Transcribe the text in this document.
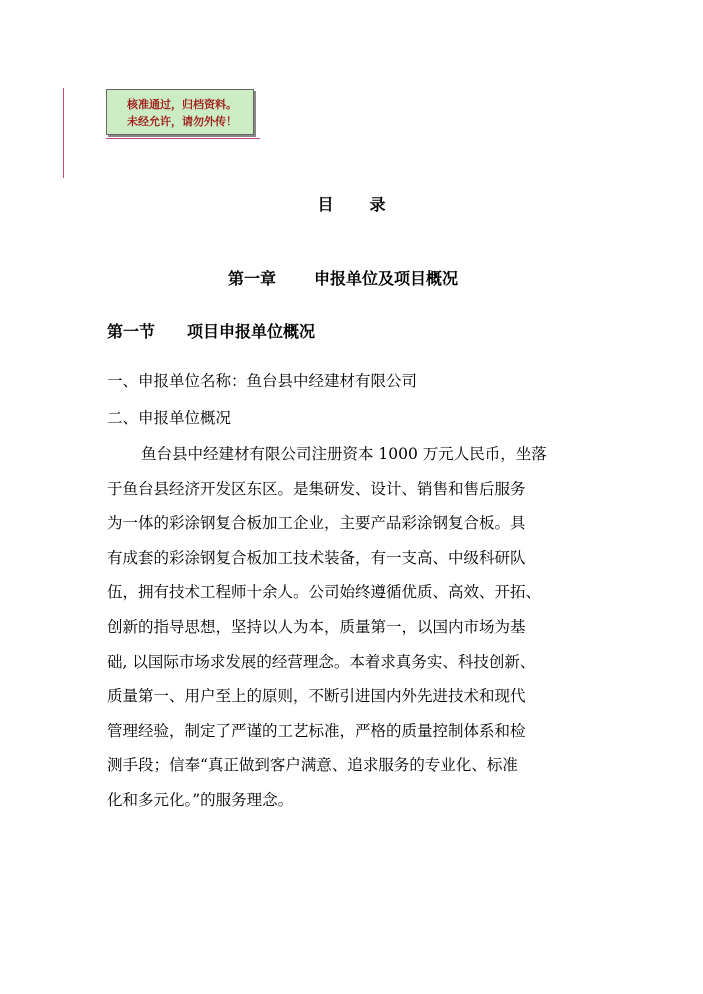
核准通过，归档资料。
未经允许，请勿外传！
目 录
第一章 申报单位及项目概况
第一节 项目申报单位概况
一、申报单位名称：鱼台县中经建材有限公司
二、申报单位概况
鱼台县中经建材有限公司注册资本 1000 万元人民币，坐落
于鱼台县经济开发区东区。是集研发、设计、销售和售后服务
为一体的彩涂钢复合板加工企业，主要产品彩涂钢复合板。具
有成套的彩涂钢复合板加工技术装备，有一支高、中级科研队
伍，拥有技术工程师十余人。公司始终遵循优质、高效、开拓、
创新的指导思想，坚持以人为本，质量第一，以国内市场为基
础, 以国际市场求发展的经营理念。本着求真务实、科技创新、
质量第一、用户至上的原则，不断引进国内外先进技术和现代
管理经验，制定了严谨的工艺标准，严格的质量控制体系和检
测手段；信奉“真正做到客户满意、追求服务的专业化、标准
化和多元化。”的服务理念。
